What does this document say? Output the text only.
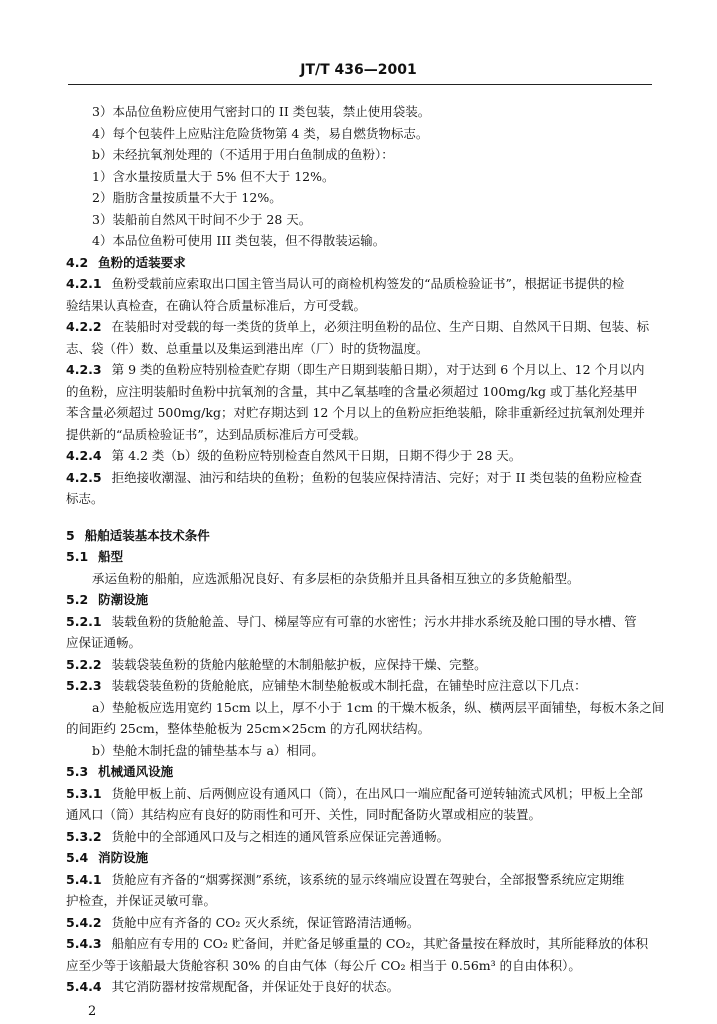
JT/T 436—2001
3）本品位鱼粉应使用气密封口的 II 类包装，禁止使用袋装。
4）每个包装件上应贴注危险货物第 4 类，易自燃货物标志。
b）未经抗氧剂处理的（不适用于用白鱼制成的鱼粉）：
1）含水量按质量大于 5% 但不大于 12%。
2）脂肪含量按质量不大于 12%。
3）装船前自然风干时间不少于 28 天。
4）本品位鱼粉可使用 III 类包装，但不得散装运输。
4.2 鱼粉的适装要求
4.2.1 鱼粉受载前应索取出口国主管当局认可的商检机构签发的“品质检验证书”，根据证书提供的检
验结果认真检查，在确认符合质量标准后，方可受载。
4.2.2 在装船时对受载的每一类货的货单上，必须注明鱼粉的品位、生产日期、自然风干日期、包装、标
志、袋（件）数、总重量以及集运到港出库（厂）时的货物温度。
4.2.3 第 9 类的鱼粉应特别检查贮存期（即生产日期到装船日期），对于达到 6 个月以上、12 个月以内
的鱼粉，应注明装船时鱼粉中抗氧剂的含量，其中乙氧基喹的含量必须超过 100mg/kg 或丁基化羟基甲
苯含量必须超过 500mg/kg；对贮存期达到 12 个月以上的鱼粉应拒绝装船，除非重新经过抗氧剂处理并
提供新的“品质检验证书”，达到品质标准后方可受载。
4.2.4 第 4.2 类（b）级的鱼粉应特别检查自然风干日期，日期不得少于 28 天。
4.2.5 拒绝接收潮湿、油污和结块的鱼粉；鱼粉的包装应保持清洁、完好；对于 II 类包装的鱼粉应检查
标志。
5 船舶适装基本技术条件
5.1 船型
承运鱼粉的船舶，应选派船况良好、有多层柜的杂货船并且具备相互独立的多货舱船型。
5.2 防潮设施
5.2.1 装载鱼粉的货舱舱盖、导门、梯屋等应有可靠的水密性；污水井排水系统及舱口围的导水槽、管
应保证通畅。
5.2.2 装载袋装鱼粉的货舱内舷舱壁的木制船舷护板，应保持干燥、完整。
5.2.3 装载袋装鱼粉的货舱舱底，应铺垫木制垫舱板或木制托盘，在铺垫时应注意以下几点：
a）垫舱板应选用宽约 15cm 以上，厚不小于 1cm 的干燥木板条，纵、横两层平面铺垫，每板木条之间
的间距约 25cm，整体垫舱板为 25cm×25cm 的方孔网状结构。
b）垫舱木制托盘的铺垫基本与 a）相同。
5.3 机械通风设施
5.3.1 货舱甲板上前、后两侧应设有通风口（筒），在出风口一端应配备可逆转轴流式风机；甲板上全部
通风口（筒）其结构应有良好的防雨性和可开、关性，同时配备防火罩或相应的装置。
5.3.2 货舱中的全部通风口及与之相连的通风管系应保证完善通畅。
5.4 消防设施
5.4.1 货舱应有齐备的“烟雾探测”系统，该系统的显示终端应设置在驾驶台，全部报警系统应定期维
护检查，并保证灵敏可靠。
5.4.2 货舱中应有齐备的 CO₂ 灭火系统，保证管路清洁通畅。
5.4.3 船舶应有专用的 CO₂ 贮备间，并贮备足够重量的 CO₂，其贮备量按在释放时，其所能释放的体积
应至少等于该船最大货舱容积 30% 的自由气体（每公斤 CO₂ 相当于 0.56m³ 的自由体积）。
5.4.4 其它消防器材按常规配备，并保证处于良好的状态。
2
